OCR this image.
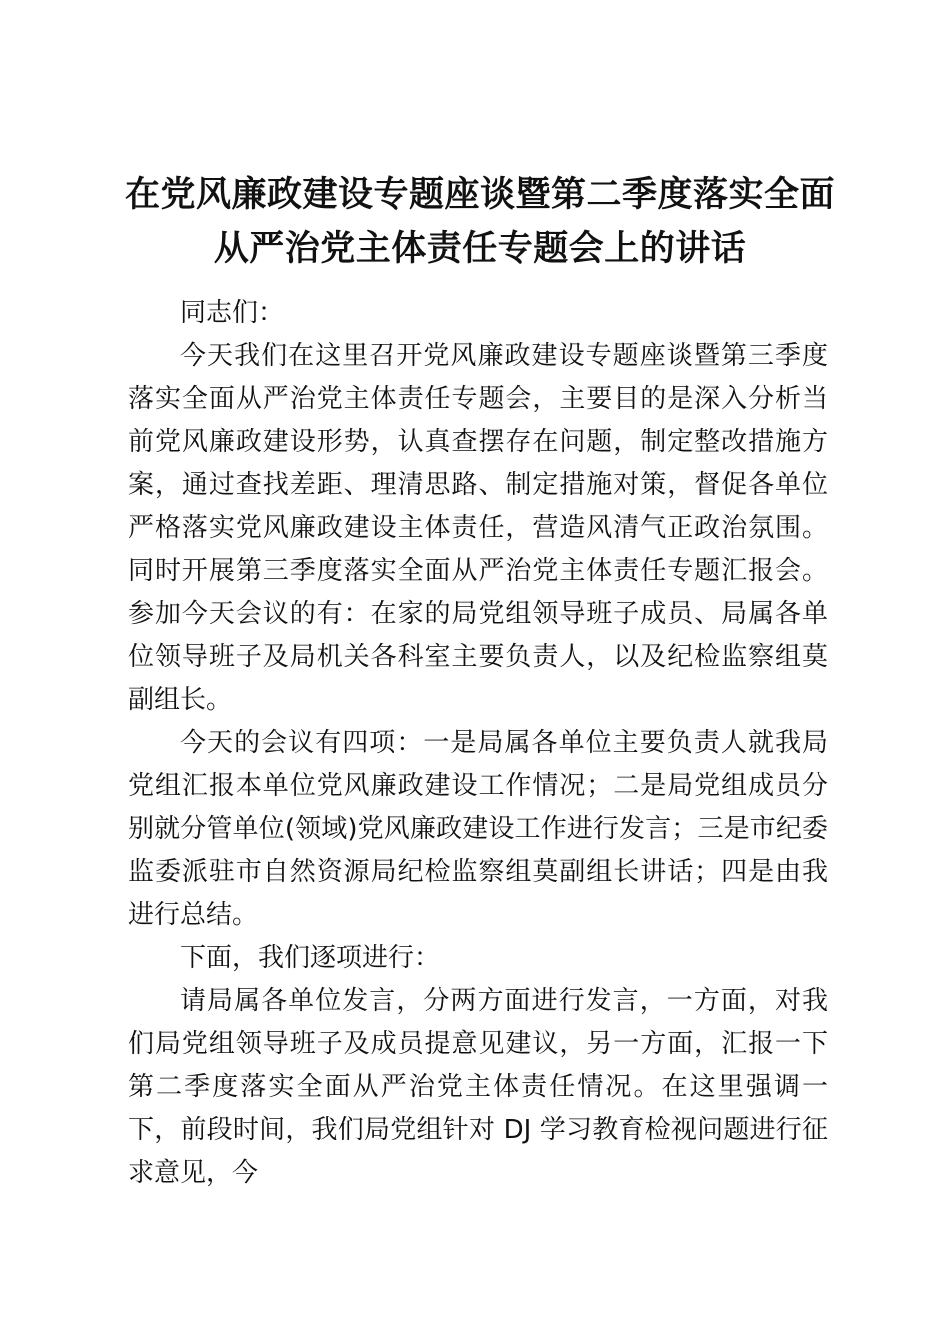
在党风廉政建设专题座谈暨第二季度落实全面
从严治党主体责任专题会上的讲话

同志们：

今天我们在这里召开党风廉政建设专题座谈暨第三季度落实全面从严治党主体责任专题会，主要目的是深入分析当前党风廉政建设形势，认真查摆存在问题，制定整改措施方案，通过查找差距、理清思路、制定措施对策，督促各单位严格落实党风廉政建设主体责任，营造风清气正政治氛围。同时开展第三季度落实全面从严治党主体责任专题汇报会。参加今天会议的有：在家的局党组领导班子成员、局属各单位领导班子及局机关各科室主要负责人，以及纪检监察组莫副组长。

今天的会议有四项：一是局属各单位主要负责人就我局党组汇报本单位党风廉政建设工作情况；二是局党组成员分别就分管单位(领域)党风廉政建设工作进行发言；三是市纪委监委派驻市自然资源局纪检监察组莫副组长讲话；四是由我进行总结。

下面，我们逐项进行：

请局属各单位发言，分两方面进行发言，一方面，对我们局党组领导班子及成员提意见建议，另一方面，汇报一下第二季度落实全面从严治党主体责任情况。在这里强调一下，前段时间，我们局党组针对 DJ 学习教育检视问题进行征求意见，今
